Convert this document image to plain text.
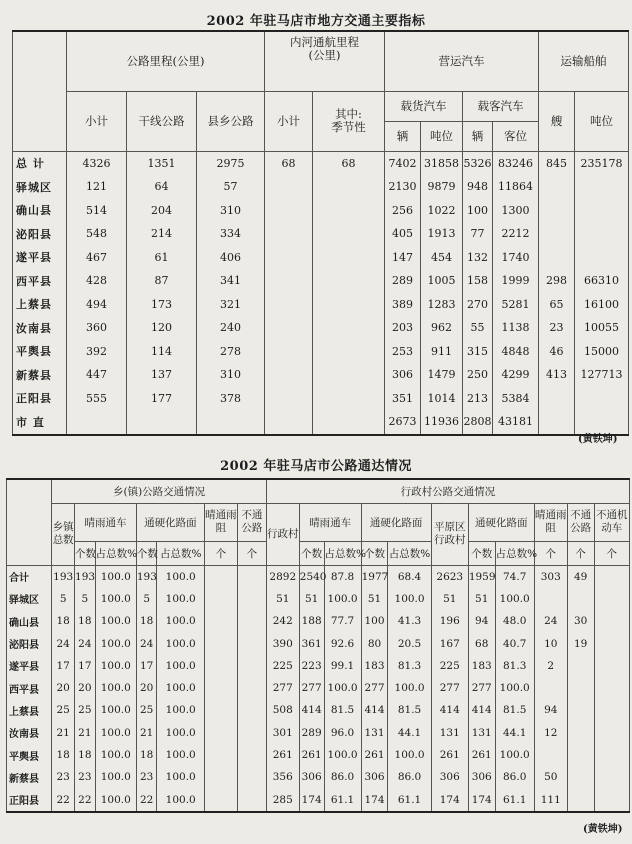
2002 年驻马店市地方交通主要指标
	公路里程(公里)			内河通航里程
(公里)		营运汽车				运输船舶	
	小计	干线公路	县乡公路	小计	其中:
季节性	载货汽车		载客汽车		艘	吨位
						辆	吨位	辆	客位		
总 计	4326	1351	2975	68	68	7402	31858	5326	83246	845	235178
驿城区	121	64	57			2130	9879	948	11864		
确山县	514	204	310			256	1022	100	1300		
泌阳县	548	214	334			405	1913	77	2212		
遂平县	467	61	406			147	454	132	1740		
西平县	428	87	341			289	1005	158	1999	298	66310
上蔡县	494	173	321			389	1283	270	5281	65	16100
汝南县	360	120	240			203	962	55	1138	23	10055
平舆县	392	114	278			253	911	315	4848	46	15000
新蔡县	447	137	310			306	1479	250	4299	413	127713
正阳县	555	177	378			351	1014	213	5384		
市 直						2673	11936	2808	43181		
(黄铁坤)
2002 年驻马店市公路通达情况
	乡(镇)公路交通情况							行政村公路交通情况										
	乡镇总数	晴雨通车		通硬化路面		晴通雨阻	不通公路	行政村	晴雨通车		通硬化路面		平原区行政村	通硬化路面		晴通雨阻	不通公路	不通机动车
		个数	占总数%	个数	占总数%	个	个		个数	占总数%	个数	占总数%		个数	占总数%	个	个	个
合计	193	193	100.0	193	100.0			2892	2540	87.8	1977	68.4	2623	1959	74.7	303	49	
驿城区	5	5	100.0	5	100.0			51	51	100.0	51	100.0	51	51	100.0			
确山县	18	18	100.0	18	100.0			242	188	77.7	100	41.3	196	94	48.0	24	30	
泌阳县	24	24	100.0	24	100.0			390	361	92.6	80	20.5	167	68	40.7	10	19	
遂平县	17	17	100.0	17	100.0			225	223	99.1	183	81.3	225	183	81.3	2		
西平县	20	20	100.0	20	100.0			277	277	100.0	277	100.0	277	277	100.0			
上蔡县	25	25	100.0	25	100.0			508	414	81.5	414	81.5	414	414	81.5	94		
汝南县	21	21	100.0	21	100.0			301	289	96.0	131	44.1	131	131	44.1	12		
平舆县	18	18	100.0	18	100.0			261	261	100.0	261	100.0	261	261	100.0			
新蔡县	23	23	100.0	23	100.0			356	306	86.0	306	86.0	306	306	86.0	50		
正阳县	22	22	100.0	22	100.0			285	174	61.1	174	61.1	174	174	61.1	111		
(黄铁坤)
